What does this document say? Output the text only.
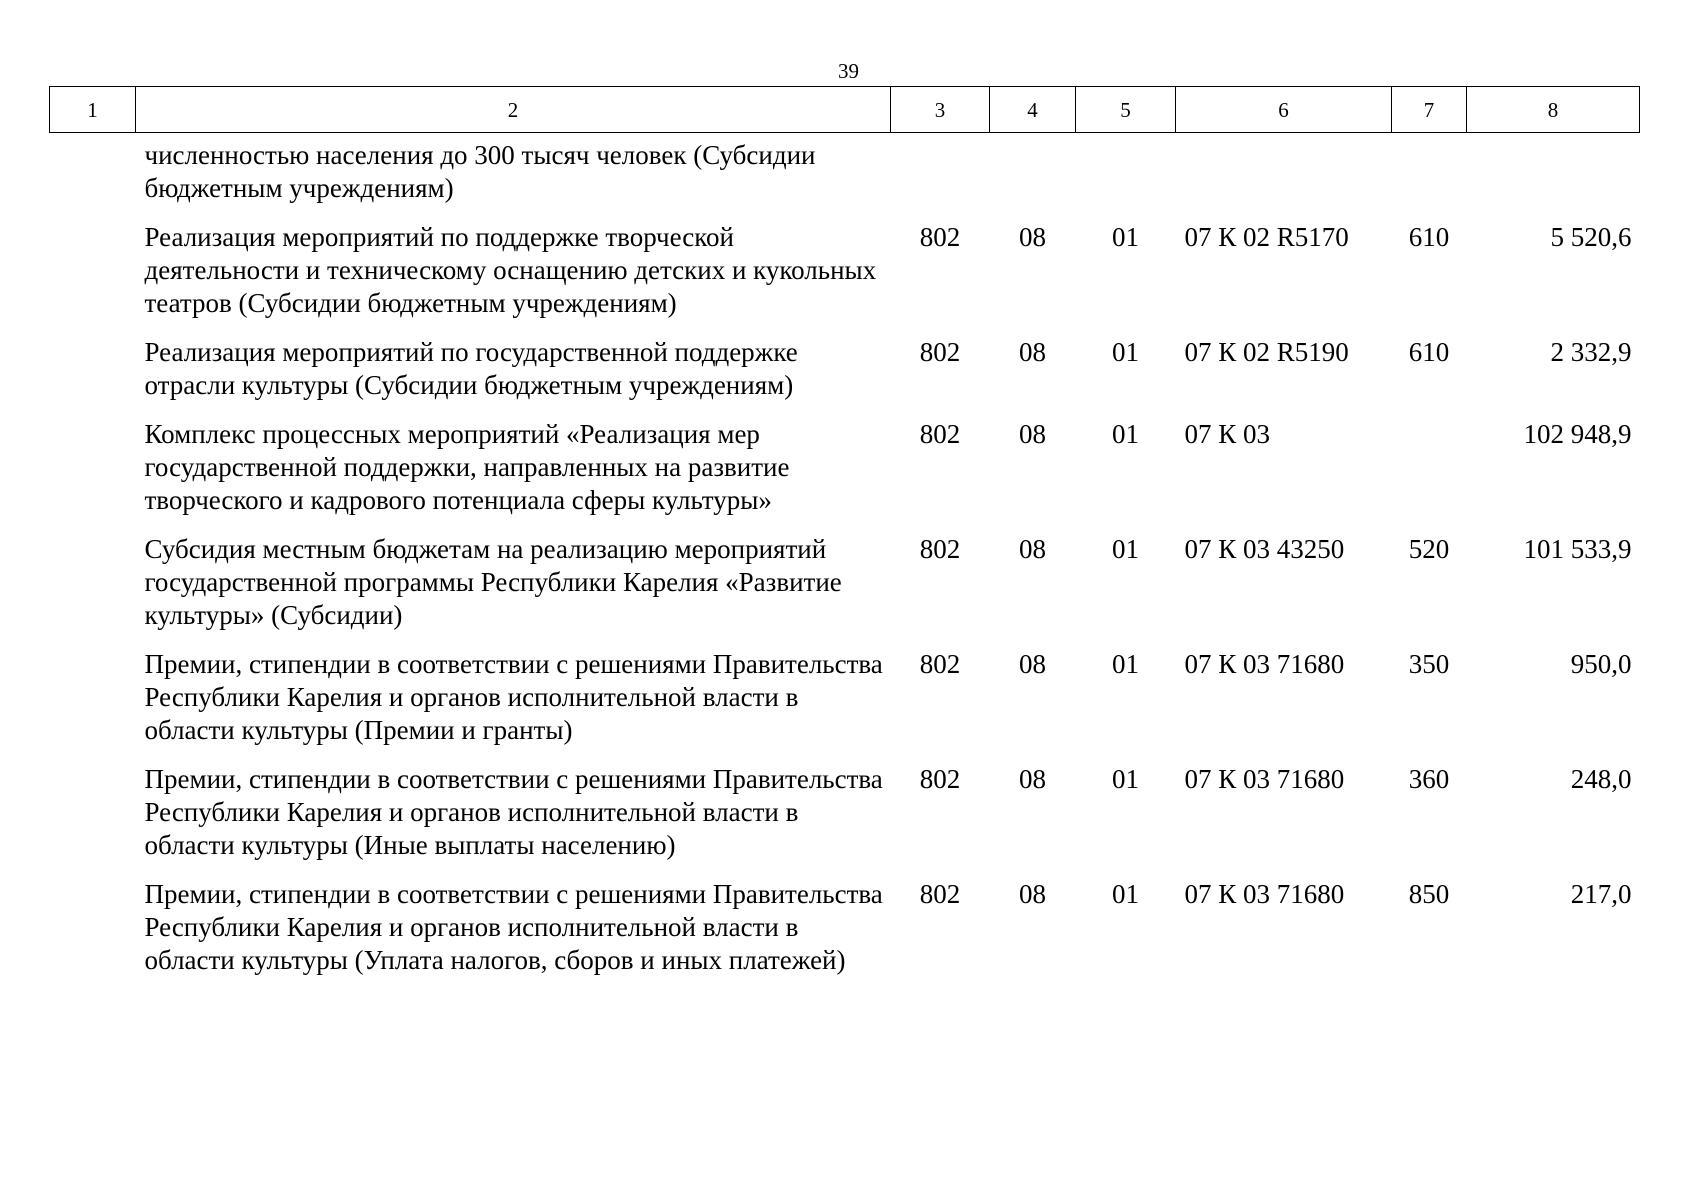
39
1	2	3	4	5	6	7	8
	численностью населения до 300 тысяч человек (Субсидии бюджетным учреждениям)						
	Реализация мероприятий по поддержке творческой деятельности и техническому оснащению детских и кукольных театров (Субсидии бюджетным учреждениям)	802	08	01	07 К 02 R5170	610	5 520,6
	Реализация мероприятий по государственной поддержке отрасли культуры (Субсидии бюджетным учреждениям)	802	08	01	07 К 02 R5190	610	2 332,9
	Комплекс процессных мероприятий «Реализация мер государственной поддержки, направленных на развитие творческого и кадрового потенциала сферы культуры»	802	08	01	07 К 03		102 948,9
	Субсидия местным бюджетам на реализацию мероприятий государственной программы Республики Карелия «Развитие культуры» (Субсидии)	802	08	01	07 К 03 43250	520	101 533,9
	Премии, стипендии в соответствии с решениями Правительства Республики Карелия и органов исполнительной власти в области культуры (Премии и гранты)	802	08	01	07 К 03 71680	350	950,0
	Премии, стипендии в соответствии с решениями Правительства Республики Карелия и органов исполнительной власти в области культуры (Иные выплаты населению)	802	08	01	07 К 03 71680	360	248,0
	Премии, стипендии в соответствии с решениями Правительства Республики Карелия и органов исполнительной власти в области культуры (Уплата налогов, сборов и иных платежей)	802	08	01	07 К 03 71680	850	217,0
